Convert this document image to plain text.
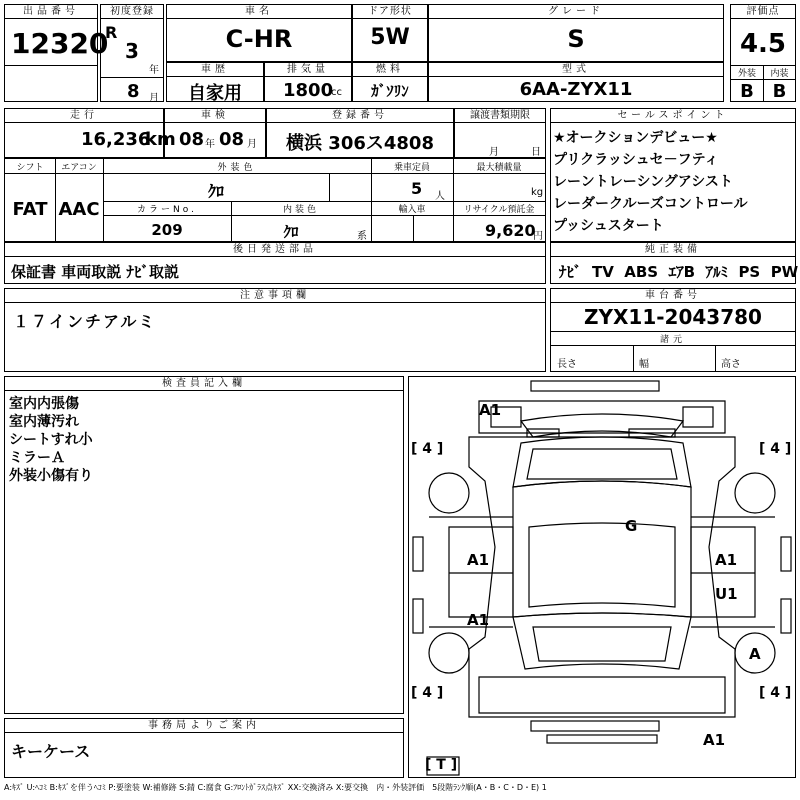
出品番号
12320
初度登録
R
3
年
8 月
車名
C-HR
ドア形状
5W
グレード
S
評価点
4.5
外装	内装
B	B
車歴
自家用
排気量
1800
cc
燃料
ｶﾞｿﾘﾝ
型式
6AA-ZYX11
走行
16,236
km
車検
08 年 08 月
登録番号
横浜 306ス4808
譲渡書類期限
月	日
シフト	エアコン	外装色	乗車定員	最大積載量
FAT AAC
ｸﾛ	5 人	kg
カラーNo.	内装色	輸入車	リサイクル預託金
209	ｸﾛ	系	9,620
円
後日発送部品
保証書 車両取説 ﾅﾋﾞ取説
セールスポイント
★オークションデビュー★
プリクラッシュセ－フティ
レーントレーシングアシスト
レーダークルーズコントロール
プッシュスタート
純正装備
ﾅﾋﾞ TV ABS ｴｱB ｱﾙﾐ PS PW
注意事項欄
１７インチアルミ
車台番号
ZYX11-2043780
諸元
長さ	幅	高さ
検査員記入欄
室内内張傷
室内薄汚れ
シートすれ小
ミラーＡ
外装小傷有り
事務局よりご案内
キーケース
A1
G
A1
A1
A1
U1
A
A1
[ 4 ]	[ 4 ]
[ 4 ]	[ 4 ]
[ T ]
A:ｷｽﾞ U:ﾍｺﾐ B:ｷｽﾞを伴うﾍｺﾐ P:要塗装 W:補修跡 S:錆 C:腐食 G:ﾌﾛﾝﾄｶﾞﾗｽ点ｷｽﾞ XX:交換済み X:要交換　内・外装評価　5段階ﾗﾝｸ順(A・B・C・D・E) 1
